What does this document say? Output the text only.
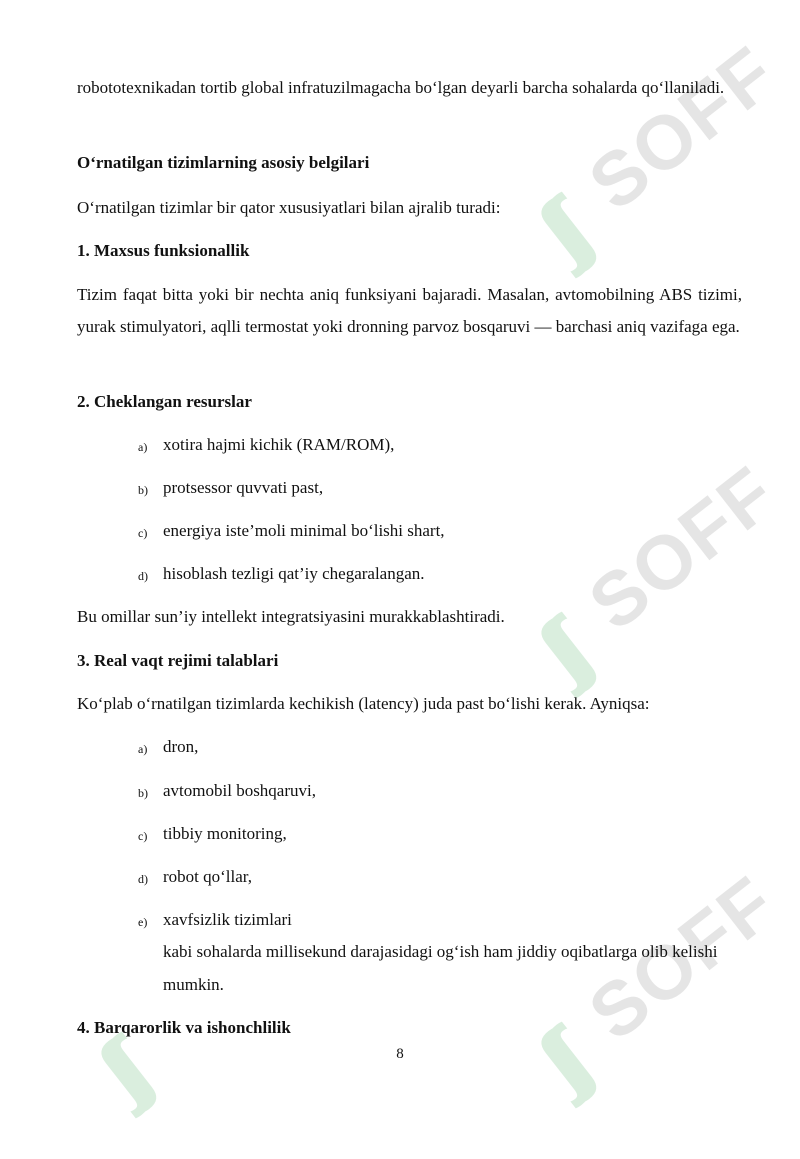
ʃʃ
SOFF
ʃʃ
SOFF
ʃʃ
SOFF
ʃʃ

robototexnikadan tortib global infratuzilmagacha bo‘lgan deyarli barcha sohalarda qo‘llaniladi.

O‘rnatilgan tizimlarning asosiy belgilari
O‘rnatilgan tizimlar bir qator xususiyatlari bilan ajralib turadi:
1. Maxsus funksionallik

Tizim faqat bitta yoki bir nechta aniq funksiyani bajaradi. Masalan, avtomobilning ABS tizimi, yurak stimulyatori, aqlli termostat yoki dronning parvoz bosqaruvi — barchasi aniq vazifaga ega.

2. Cheklangan resurslar
a) xotira hajmi kichik (RAM/ROM),
b) protsessor quvvati past,
c) energiya iste’moli minimal bo‘lishi shart,
d) hisoblash tezligi qat’iy chegaralangan.
Bu omillar sun’iy intellekt integratsiyasini murakkablashtiradi.
3. Real vaqt rejimi talablari
Ko‘plab o‘rnatilgan tizimlarda kechikish (latency) juda past bo‘lishi kerak. Ayniqsa:
a) dron,
b) avtomobil boshqaruvi,
c) tibbiy monitoring,
d) robot qo‘llar,
e) xavfsizlik tizimlari
kabi sohalarda millisekund darajasidagi og‘ish ham jiddiy oqibatlarga olib kelishi mumkin.
4. Barqarorlik va ishonchlilik
8
